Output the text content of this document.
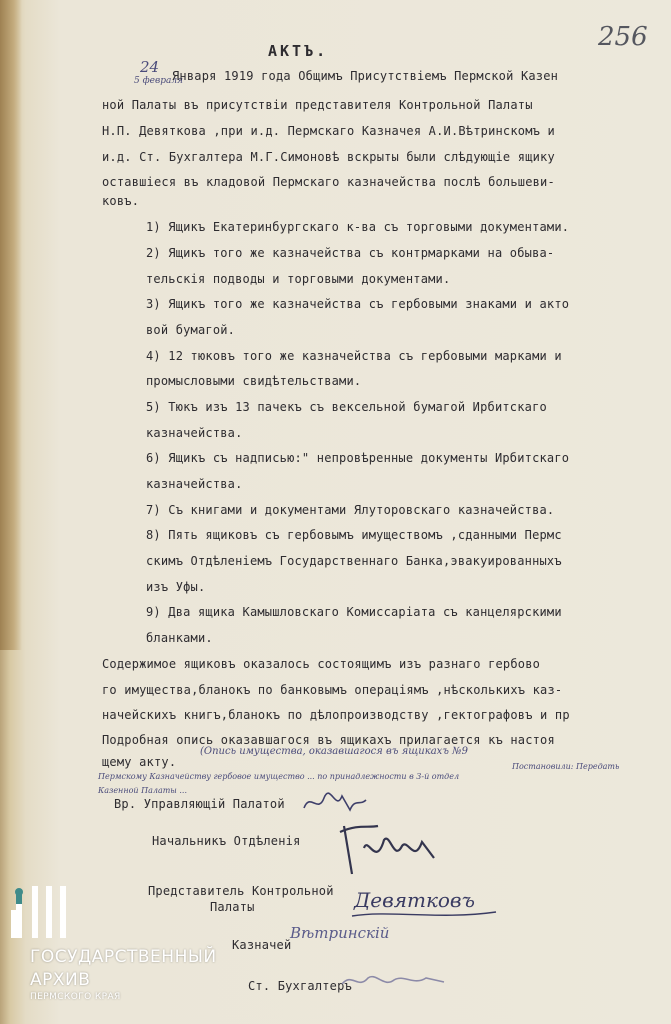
256
АКТЪ.
24
5 февраля
Января 1919 года Общимъ Присутствiемъ Пермской Казен
ной Палаты въ присутствiи представителя Контрольной Палаты
Н.П. Девяткова ,при и.д. Пермскаго Казначея А.И.Вѣтринскомъ и
и.д. Ст. Бухгалтера М.Г.Симоновѣ вскрыты были слѣдующiе ящику
оставшiеся въ кладовой Пермскаго казначейства послѣ большеви-
ковъ.
1) Ящикъ Екатеринбургскаго к-ва съ торговыми документами.
2) Ящикъ того же казначейства съ контрмарками на обыва-
тельскiя подводы и торговыми документами.
3) Ящикъ того же казначейства съ гербовыми знаками и актo
вой бумагой.
4) 12 тюковъ того же казначейства съ гербовыми марками и
промысловыми свидѣтельствами.
5) Тюкъ изъ 13 пачекъ съ вексельной бумагой Ирбитскаго
казначейства.
6) Ящикъ съ надписью:" непровѣренные документы Ирбитскаго
казначейства.
7) Съ книгами и документами Ялуторовскаго казначейства.
8) Пять ящиковъ съ гербовымъ имуществомъ ,сданными Пермс
скимъ Отдѣленiемъ Государственнаго Банка,эвакуированныхъ
изъ Уфы.
9) Два ящика Камышловскаго Комиссарiата съ канцелярскими
бланками.
Содержимое ящиковъ оказалось состоящимъ изъ разнаго гербово
го имущества,бланокъ по банковымъ операцiямъ ,нѣсколькихъ каз-
начейскихъ книгъ,бланокъ по дѣлопроизводству ,гектографовъ и пр
Подробная опись оказавшагося въ ящикахъ прилагается къ настоя
щему акту.
(Опись имущества, оказавшагося въ ящикахъ №9
Постановили: Передать
Пермскому Казначейству гербовое имущество ... по принадлежности в 3-й отдел
Казенной Палаты ...
Вр. Управляющiй Палатой
Начальникъ Отдѣленiя
Представитель Контрольной
Палаты
Казначей
Ст. Бухгалтеръ
Девятковъ
Вѣтринскiй
ГОСУДАРСТВЕННЫЙ
АРХИВ
ПЕРМСКОГО КРАЯ
